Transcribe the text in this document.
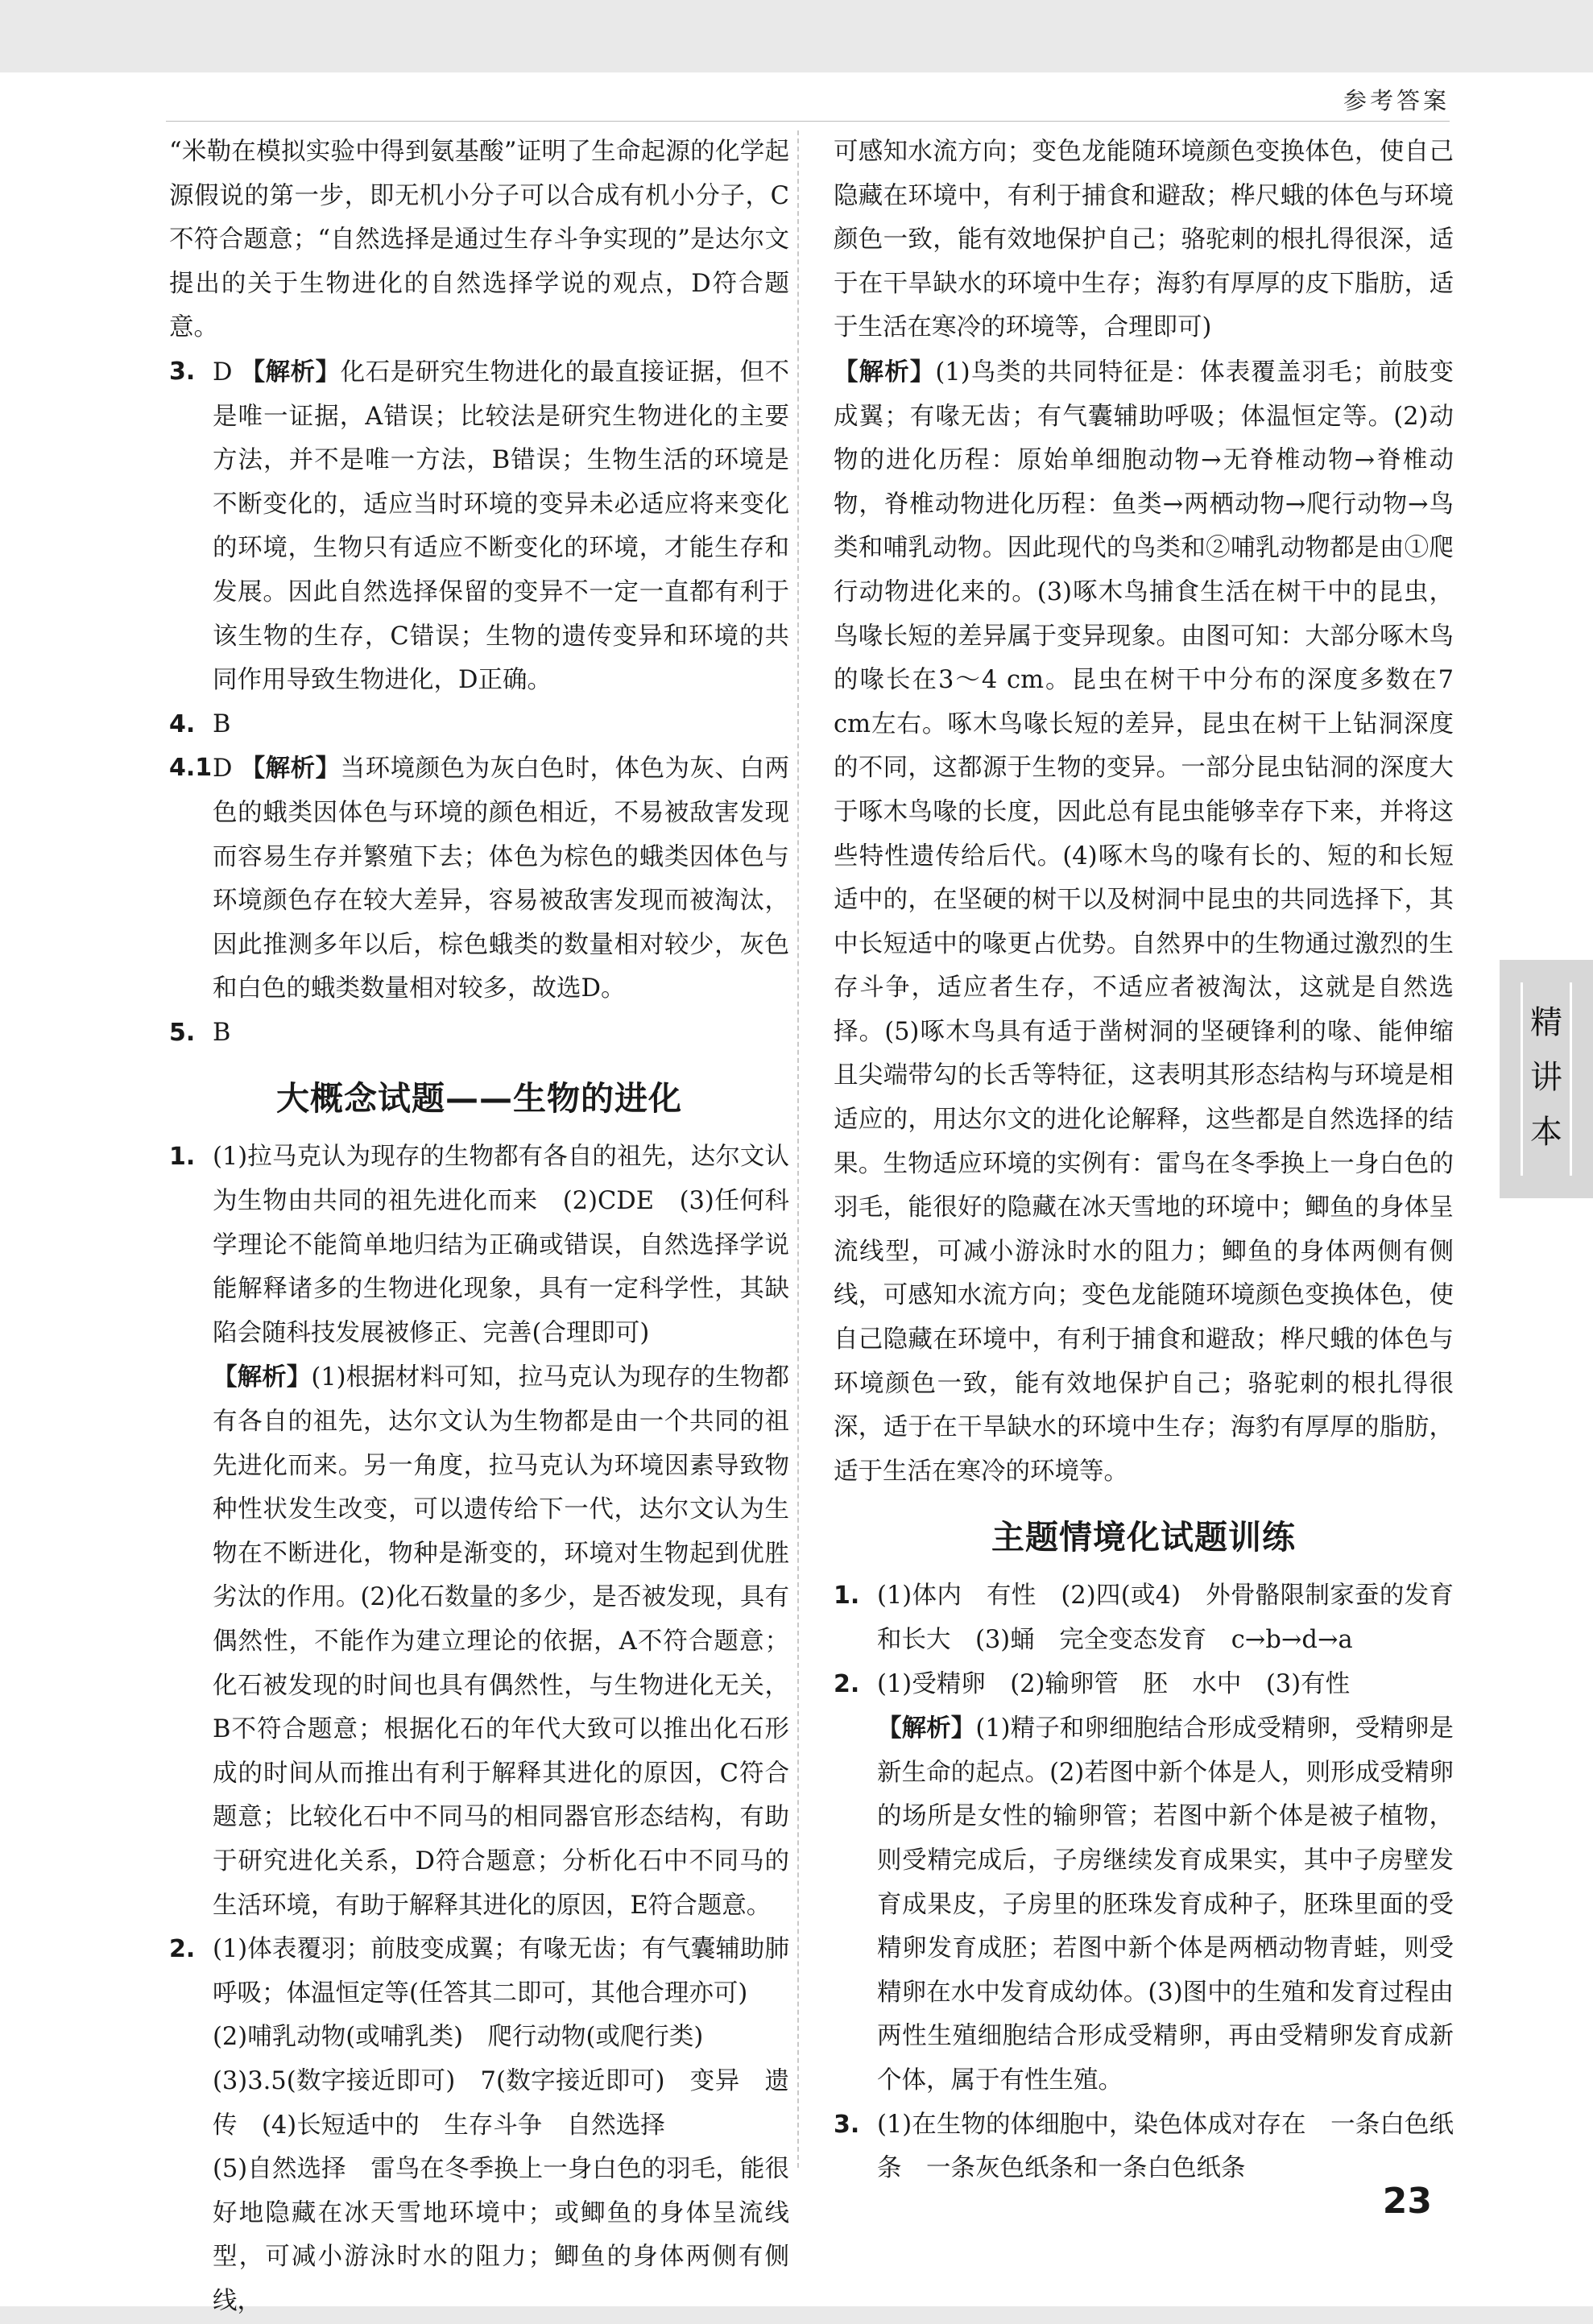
参考答案

“米勒在模拟实验中得到氨基酸”证明了生命起源的化学起源假说的第一步，即无机小分子可以合成有机小分子，C不符合题意；“自然选择是通过生存斗争实现的”是达尔文提出的关于生物进化的自然选择学说的观点，D符合题意。

3. D 【解析】化石是研究生物进化的最直接证据，但不是唯一证据，A错误；比较法是研究生物进化的主要方法，并不是唯一方法，B错误；生物生活的环境是不断变化的，适应当时环境的变异未必适应将来变化的环境，生物只有适应不断变化的环境，才能生存和发展。因此自然选择保留的变异不一定一直都有利于该生物的生存，C错误；生物的遗传变异和环境的共同作用导致生物进化，D正确。
4. B
4.1 D 【解析】当环境颜色为灰白色时，体色为灰、白两色的蛾类因体色与环境的颜色相近，不易被敌害发现而容易生存并繁殖下去；体色为棕色的蛾类因体色与环境颜色存在较大差异，容易被敌害发现而被淘汰，因此推测多年以后，棕色蛾类的数量相对较少，灰色和白色的蛾类数量相对较多，故选D。
5. B
大概念试题——生物的进化
1. (1)拉马克认为现存的生物都有各自的祖先，达尔文认为生物由共同的祖先进化而来　(2)CDE　(3)任何科学理论不能简单地归结为正确或错误，自然选择学说能解释诸多的生物进化现象，具有一定科学性，其缺陷会随科技发展被修正、完善(合理即可)

【解析】(1)根据材料可知，拉马克认为现存的生物都有各自的祖先，达尔文认为生物都是由一个共同的祖先进化而来。另一角度，拉马克认为环境因素导致物种性状发生改变，可以遗传给下一代，达尔文认为生物在不断进化，物种是渐变的，环境对生物起到优胜劣汰的作用。(2)化石数量的多少，是否被发现，具有偶然性，不能作为建立理论的依据，A不符合题意；化石被发现的时间也具有偶然性，与生物进化无关，B不符合题意；根据化石的年代大致可以推出化石形成的时间从而推出有利于解释其进化的原因，C符合题意；比较化石中不同马的相同器官形态结构，有助于研究进化关系，D符合题意；分析化石中不同马的生活环境，有助于解释其进化的原因，E符合题意。

2. (1)体表覆羽；前肢变成翼；有喙无齿；有气囊辅助肺呼吸；体温恒定等(任答其二即可，其他合理亦可)

(2)哺乳动物(或哺乳类)　爬行动物(或爬行类)

(3)3.5(数字接近即可)　7(数字接近即可)　变异　遗传　(4)长短适中的　生存斗争　自然选择

(5)自然选择　雷鸟在冬季换上一身白色的羽毛，能很好地隐藏在冰天雪地环境中；或鲫鱼的身体呈流线型，可减小游泳时水的阻力；鲫鱼的身体两侧有侧线，

可感知水流方向；变色龙能随环境颜色变换体色，使自己隐藏在环境中，有利于捕食和避敌；桦尺蛾的体色与环境颜色一致，能有效地保护自己；骆驼刺的根扎得很深，适于在干旱缺水的环境中生存；海豹有厚厚的皮下脂肪，适于生活在寒冷的环境等，合理即可)

【解析】(1)鸟类的共同特征是：体表覆盖羽毛；前肢变成翼；有喙无齿；有气囊辅助呼吸；体温恒定等。(2)动物的进化历程：原始单细胞动物→无脊椎动物→脊椎动物，脊椎动物进化历程：鱼类→两栖动物→爬行动物→鸟类和哺乳动物。因此现代的鸟类和②哺乳动物都是由①爬行动物进化来的。(3)啄木鸟捕食生活在树干中的昆虫，鸟喙长短的差异属于变异现象。由图可知：大部分啄木鸟的喙长在3～4 cm。昆虫在树干中分布的深度多数在7 cm左右。啄木鸟喙长短的差异，昆虫在树干上钻洞深度的不同，这都源于生物的变异。一部分昆虫钻洞的深度大于啄木鸟喙的长度，因此总有昆虫能够幸存下来，并将这些特性遗传给后代。(4)啄木鸟的喙有长的、短的和长短适中的，在坚硬的树干以及树洞中昆虫的共同选择下，其中长短适中的喙更占优势。自然界中的生物通过激烈的生存斗争，适应者生存，不适应者被淘汰，这就是自然选择。(5)啄木鸟具有适于凿树洞的坚硬锋利的喙、能伸缩且尖端带勾的长舌等特征，这表明其形态结构与环境是相适应的，用达尔文的进化论解释，这些都是自然选择的结果。生物适应环境的实例有：雷鸟在冬季换上一身白色的羽毛，能很好的隐藏在冰天雪地的环境中；鲫鱼的身体呈流线型，可减小游泳时水的阻力；鲫鱼的身体两侧有侧线，可感知水流方向；变色龙能随环境颜色变换体色，使自己隐藏在环境中，有利于捕食和避敌；桦尺蛾的体色与环境颜色一致，能有效地保护自己；骆驼刺的根扎得很深，适于在干旱缺水的环境中生存；海豹有厚厚的脂肪，适于生活在寒冷的环境等。

主题情境化试题训练
1. (1)体内　有性　(2)四(或4)　外骨骼限制家蚕的发育和长大　(3)蛹　完全变态发育　c→b→d→a
2. (1)受精卵　(2)输卵管　胚　水中　(3)有性

【解析】(1)精子和卵细胞结合形成受精卵，受精卵是新生命的起点。(2)若图中新个体是人，则形成受精卵的场所是女性的输卵管；若图中新个体是被子植物，则受精完成后，子房继续发育成果实，其中子房壁发育成果皮，子房里的胚珠发育成种子，胚珠里面的受精卵发育成胚；若图中新个体是两栖动物青蛙，则受精卵在水中发育成幼体。(3)图中的生殖和发育过程由两性生殖细胞结合形成受精卵，再由受精卵发育成新个体，属于有性生殖。

3. (1)在生物的体细胞中，染色体成对存在　一条白色纸条　一条灰色纸条和一条白色纸条
精
讲
本
23
